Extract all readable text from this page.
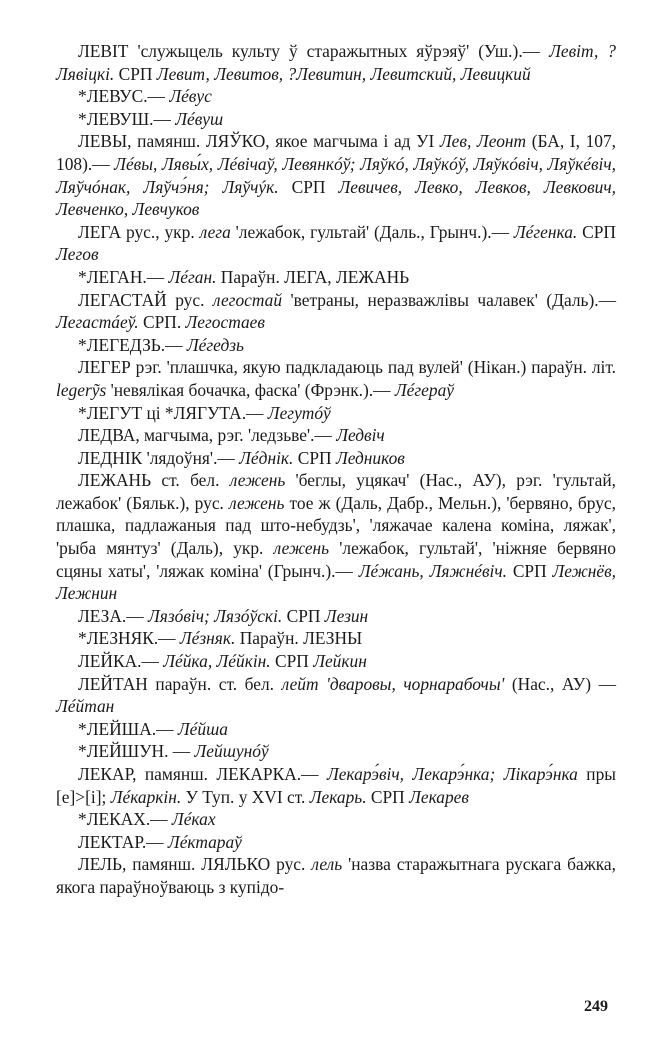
ЛЕВІТ 'служыцель культу ў старажытных яўрэяў' (Уш.).— Левіт, ?Лявіцкі. СРП Левит, Левитов, ?Левитин, Левитский, Левицкий

*ЛЕВУС.— Лéвус

*ЛЕВУШ.— Лéвуш

ЛЕВЫ, памянш. ЛЯЎКО, якое магчыма і ад УІ Лев, Леонт (БА, І, 107, 108).— Лéвы, Лявы́х, Лéвічаў, Левянкóў; Ляўкó, Ляўкóў, Ляўкóвіч, Ляўкéвіч, Ляўчóнак, Ляўчэ́ня; Ляўчýк. СРП Левичев, Левко, Левков, Левкович, Левченко, Левчуков

ЛЕГА рус., укр. лега 'лежабок, гультай' (Даль., Грынч.).— Лéгенка. СРП Легов

*ЛЕГАН.— Лéган. Параўн. ЛЕГА, ЛЕЖАНЬ

ЛЕГАСТАЙ рус. легостай 'ветраны, неразважлівы чалавек' (Даль).— Легастáеў. СРП. Легостаев

*ЛЕГЕДЗЬ.— Лéгедзь

ЛЕГЕР рэг. 'плашчка, якую падкладаюць пад вулей' (Нікан.) параўн. літ. legerỹs 'невялікая бочачка, фаска' (Фрэнк.).— Лéгераў

*ЛЕГУТ ці *ЛЯГУТА.— Легутóў

ЛЕДВА, магчыма, рэг. 'ледзьве'.— Ледвіч

ЛЕДНІК 'лядоўня'.— Лéднік. СРП Ледников

ЛЕЖАНЬ ст. бел. лежень 'беглы, уцякач' (Нас., АУ), рэг. 'гультай, лежабок' (Бяльк.), рус. лежень тое ж (Даль, Дабр., Мельн.), 'бервяно, брус, плашка, падлажаныя пад што-небудзь', 'ляжачае калена коміна, ляжак', 'рыба мянтуз' (Даль), укр. лежень 'лежабок, гультай', 'ніжняе бервяно сцяны хаты', 'ляжак коміна' (Грынч.).— Лéжань, Ляжнéвіч. СРП Лежнёв, Лежнин

ЛЕЗА.— Лязóвіч; Лязóўскі. СРП Лезин

*ЛЕЗНЯК.— Лéзняк. Параўн. ЛЕЗНЫ

ЛЕЙКА.— Лéйка, Лéйкін. СРП Лейкин

ЛЕЙТАН параўн. ст. бел. лейт 'дваровы, чорнарабочы' (Нас., АУ) — Лéйтан

*ЛЕЙША.— Лéйша

*ЛЕЙШУН. — Лейшунóў

ЛЕКАР, памянш. ЛЕКАРКА.— Лекарэ́віч, Лекарэ́нка; Лікарэ́нка пры [е]>[і]; Лéкаркін. У Туп. у XVI ст. Лекарь. СРП Лекарев

*ЛЕКАХ.— Лéках

ЛЕКТАР.— Лéктараў

ЛЕЛЬ, памянш. ЛЯЛЬКО рус. лель 'назва старажытнага рускага бажка, якога параўноўваюць з купідо-

249
